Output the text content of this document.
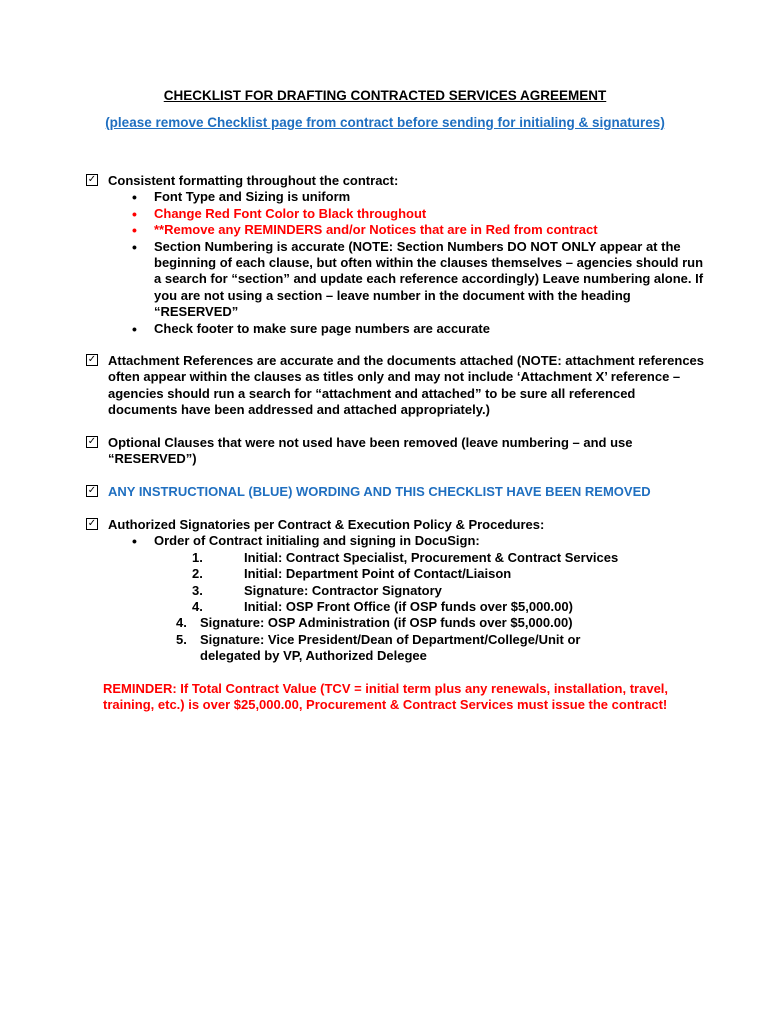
CHECKLIST FOR DRAFTING CONTRACTED SERVICES AGREEMENT
(please remove Checklist page from contract before sending for initialing & signatures)
✓ Consistent formatting throughout the contract:
• Font Type and Sizing is uniform
• Change Red Font Color to Black throughout
• **Remove any REMINDERS and/or Notices that are in Red from contract
• Section Numbering is accurate (NOTE: Section Numbers DO NOT ONLY appear at the beginning of each clause, but often within the clauses themselves – agencies should run a search for “section” and update each reference accordingly) Leave numbering alone. If you are not using a section – leave number in the document with the heading “RESERVED”
• Check footer to make sure page numbers are accurate
✓ Attachment References are accurate and the documents attached (NOTE: attachment references often appear within the clauses as titles only and may not include ‘Attachment X’ reference – agencies should run a search for “attachment and attached” to be sure all referenced documents have been addressed and attached appropriately.)
✓ Optional Clauses that were not used have been removed (leave numbering – and use “RESERVED”)
✓ ANY INSTRUCTIONAL (BLUE) WORDING AND THIS CHECKLIST HAVE BEEN REMOVED
✓ Authorized Signatories per Contract & Execution Policy & Procedures:
• Order of Contract initialing and signing in DocuSign:
1.	Initial: Contract Specialist, Procurement & Contract Services
2.	Initial: Department Point of Contact/Liaison
3.	Signature: Contractor Signatory
4.	Initial: OSP Front Office (if OSP funds over $5,000.00)
4. Signature: OSP Administration (if OSP funds over $5,000.00)
5. Signature: Vice President/Dean of Department/College/Unit or delegated by VP, Authorized Delegee
REMINDER: If Total Contract Value (TCV = initial term plus any renewals, installation, travel, training, etc.) is over $25,000.00, Procurement & Contract Services must issue the contract!
